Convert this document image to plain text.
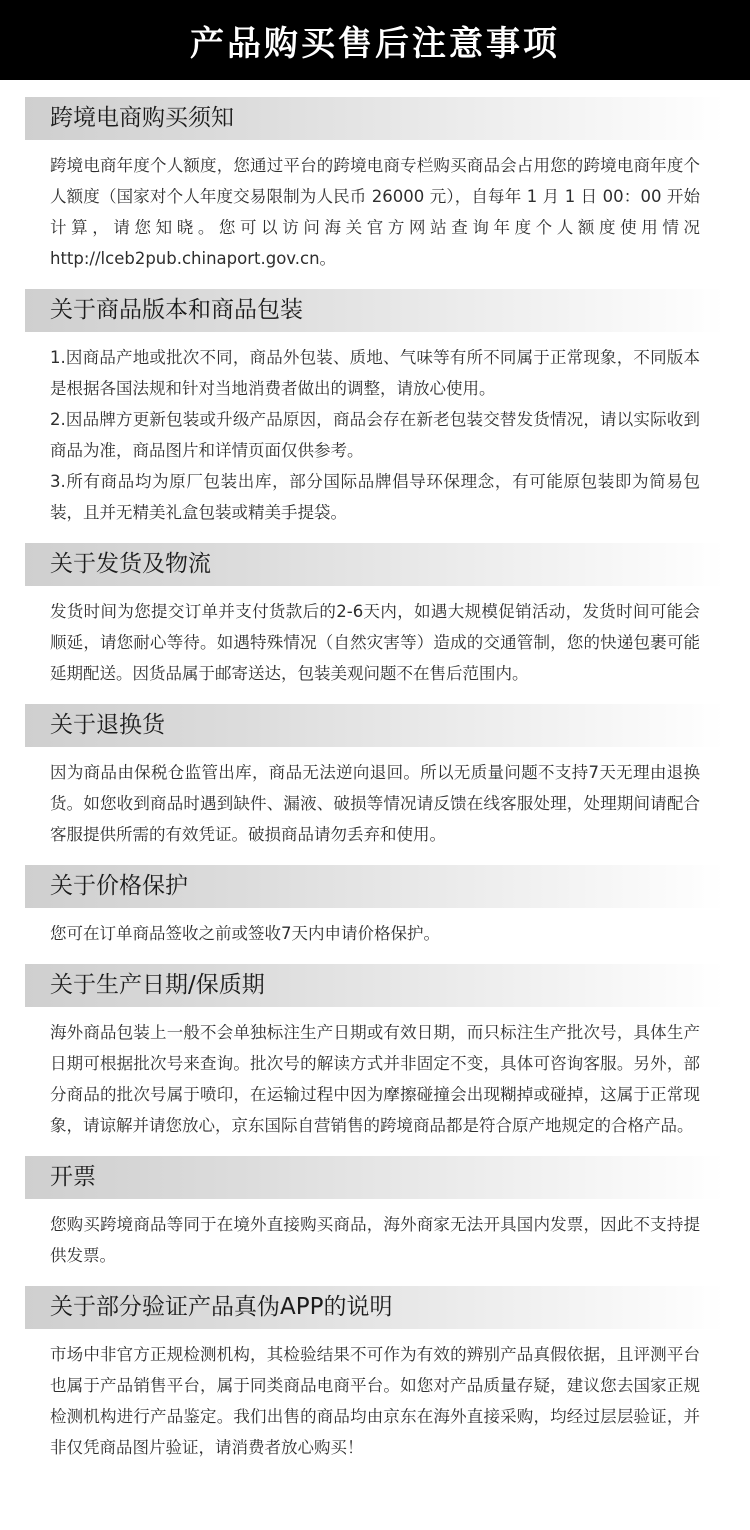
产品购买售后注意事项
跨境电商购买须知

跨境电商年度个人额度，您通过平台的跨境电商专栏购买商品会占用您的跨境电商年度个人额度（国家对个人年度交易限制为人民币 26000 元），自每年 1 月 1 日 00：00 开始计算，请您知晓。您可以访问海关官方网站查询年度个人额度使用情况 http://lceb2pub.chinaport.gov.cn。

关于商品版本和商品包装

1.因商品产地或批次不同，商品外包装、质地、气味等有所不同属于正常现象，不同版本是根据各国法规和针对当地消费者做出的调整，请放心使用。

2.因品牌方更新包装或升级产品原因，商品会存在新老包装交替发货情况，请以实际收到商品为准，商品图片和详情页面仅供参考。

3.所有商品均为原厂包装出库，部分国际品牌倡导环保理念，有可能原包装即为简易包装，且并无精美礼盒包装或精美手提袋。

关于发货及物流

发货时间为您提交订单并支付货款后的2-6天内，如遇大规模促销活动，发货时间可能会顺延，请您耐心等待。如遇特殊情况（自然灾害等）造成的交通管制，您的快递包裹可能延期配送。因货品属于邮寄送达，包装美观问题不在售后范围内。

关于退换货

因为商品由保税仓监管出库，商品无法逆向退回。所以无质量问题不支持7天无理由退换货。如您收到商品时遇到缺件、漏液、破损等情况请反馈在线客服处理，处理期间请配合客服提供所需的有效凭证。破损商品请勿丢弃和使用。

关于价格保护

您可在订单商品签收之前或签收7天内申请价格保护。

关于生产日期/保质期

海外商品包装上一般不会单独标注生产日期或有效日期，而只标注生产批次号，具体生产日期可根据批次号来查询。批次号的解读方式并非固定不变，具体可咨询客服。另外，部分商品的批次号属于喷印，在运输过程中因为摩擦碰撞会出现糊掉或碰掉，这属于正常现象，请谅解并请您放心，京东国际自营销售的跨境商品都是符合原产地规定的合格产品。

开票

您购买跨境商品等同于在境外直接购买商品，海外商家无法开具国内发票，因此不支持提供发票。

关于部分验证产品真伪APP的说明

市场中非官方正规检测机构，其检验结果不可作为有效的辨别产品真假依据，且评测平台也属于产品销售平台，属于同类商品电商平台。如您对产品质量存疑，建议您去国家正规检测机构进行产品鉴定。我们出售的商品均由京东在海外直接采购，均经过层层验证，并非仅凭商品图片验证，请消费者放心购买！
